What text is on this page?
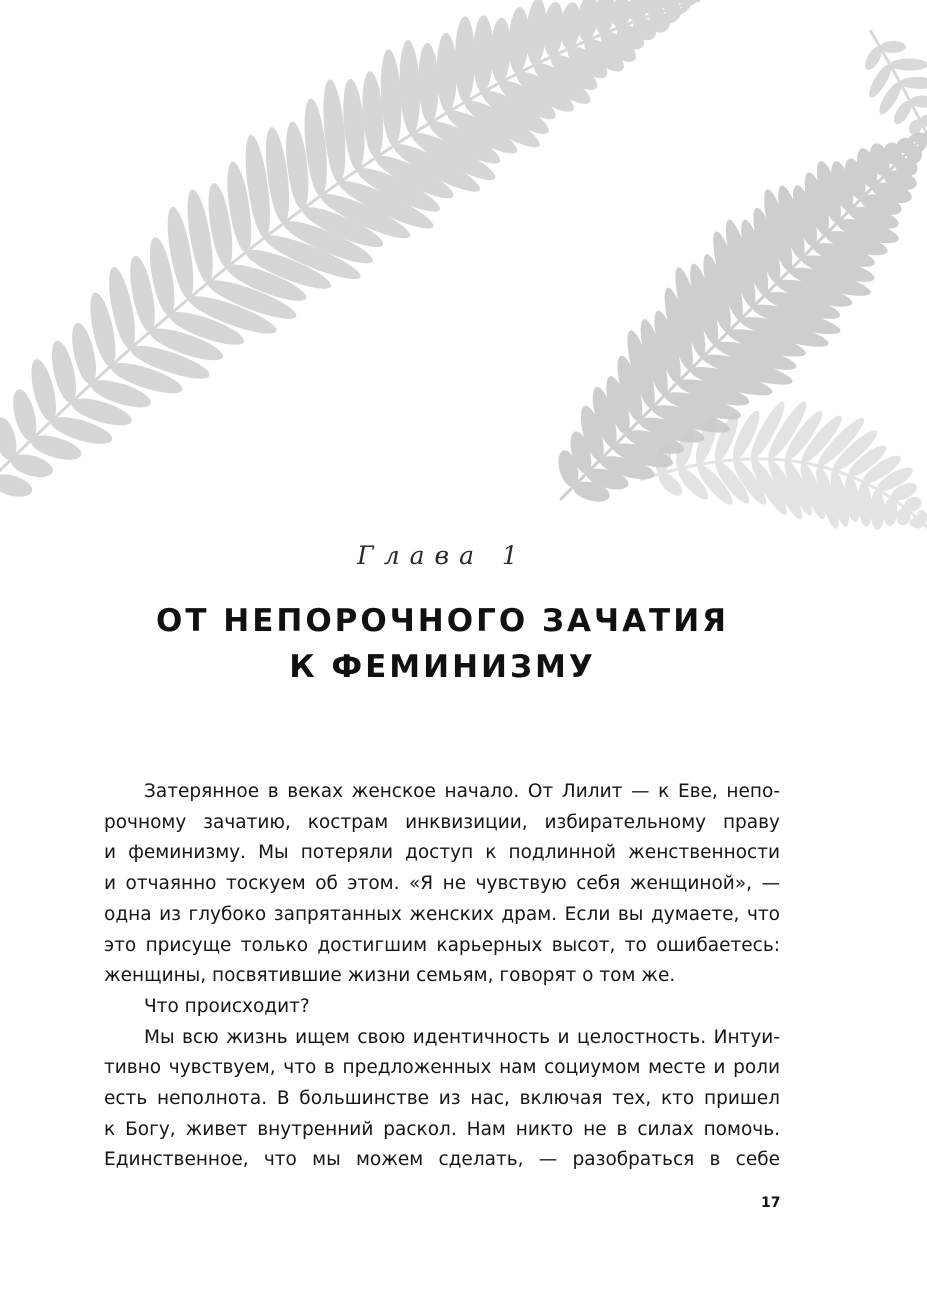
Глава 1
ОТ НЕПОРОЧНОГО ЗАЧАТИЯ
К ФЕМИНИЗМУ
Затерянное в веках женское начало. От Лилит — к Еве, непо-
рочному зачатию, кострам инквизиции, избирательному праву
и феминизму. Мы потеряли доступ к подлинной женственности
и отчаянно тоскуем об этом. «Я не чувствую себя женщиной», —
одна из глубоко запрятанных женских драм. Если вы думаете, что
это присуще только достигшим карьерных высот, то ошибаетесь:
женщины, посвятившие жизни семьям, говорят о том же.
Что происходит?
Мы всю жизнь ищем свою идентичность и целостность. Интуи-
тивно чувствуем, что в предложенных нам социумом месте и роли
есть неполнота. В большинстве из нас, включая тех, кто пришел
к Богу, живет внутренний раскол. Нам никто не в силах помочь.
Единственное, что мы можем сделать, — разобраться в себе
17
